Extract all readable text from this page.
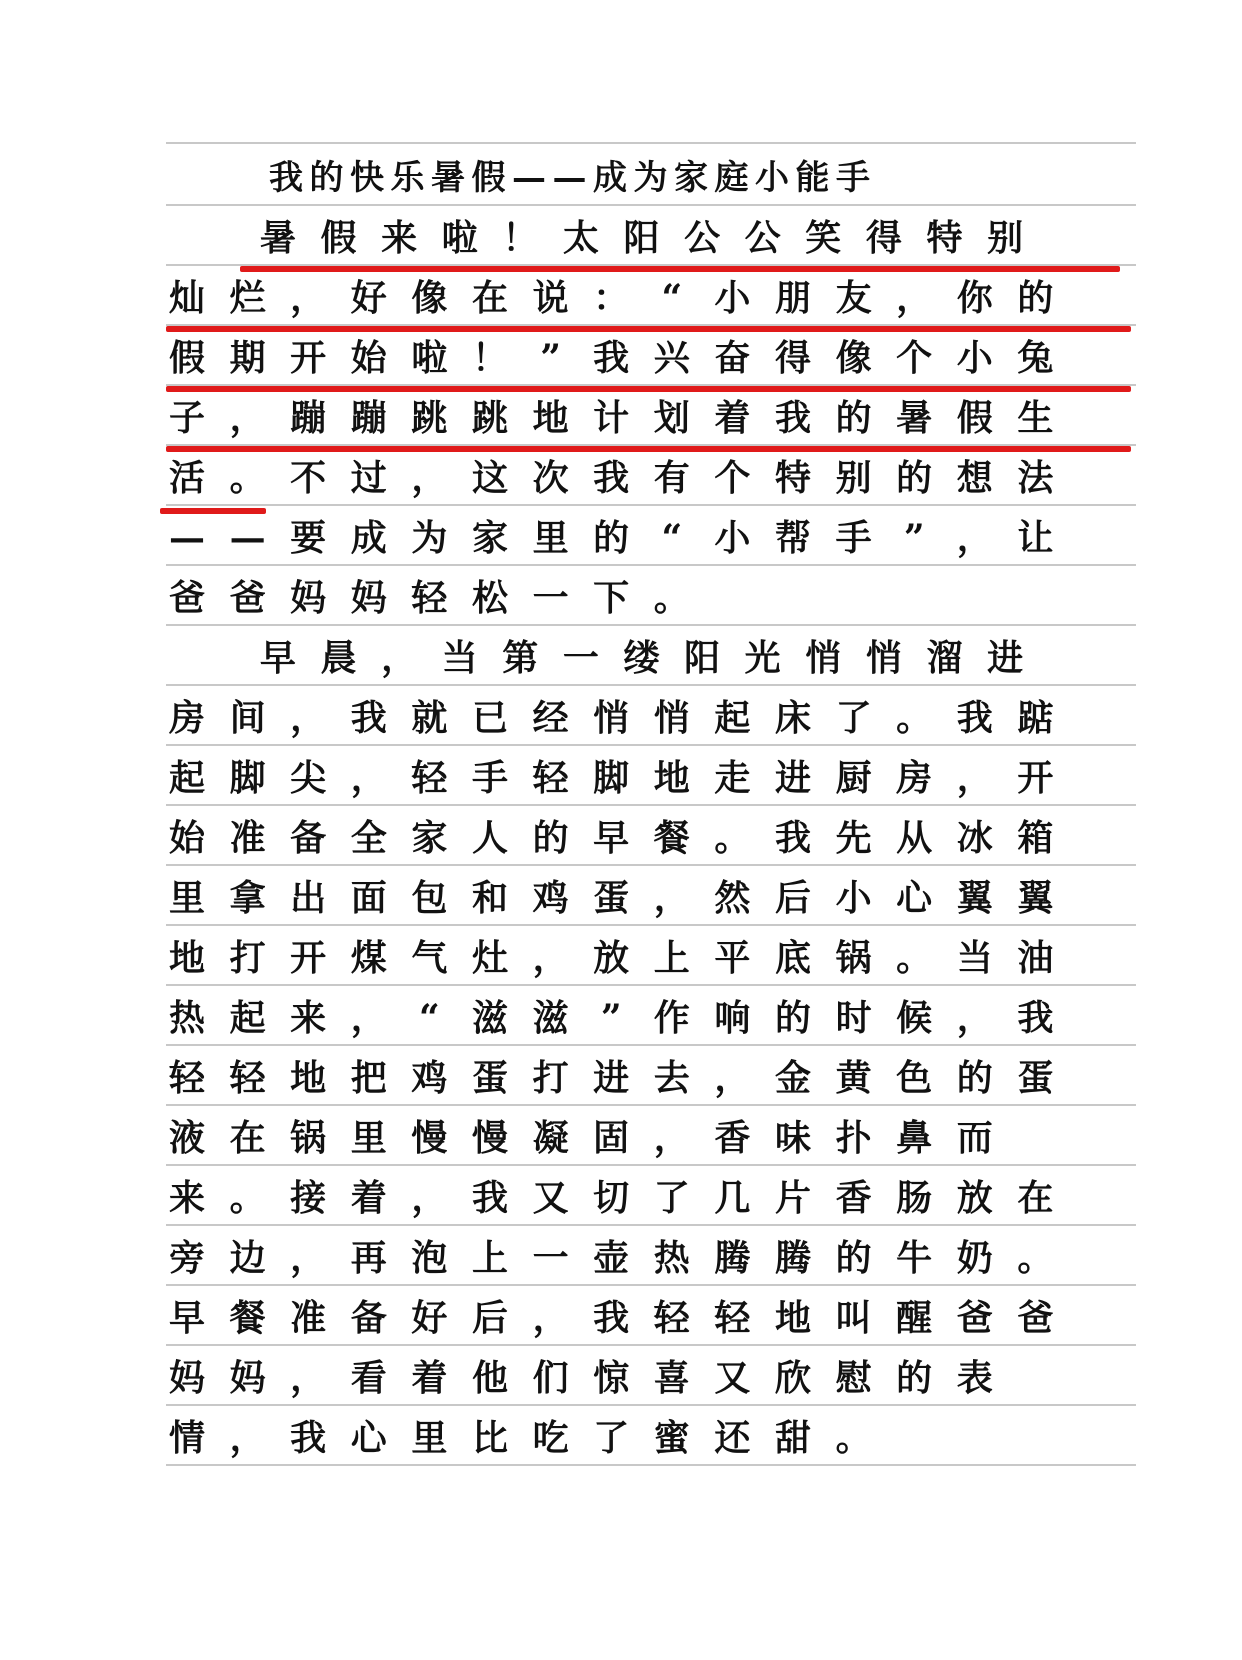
我 的 快 乐 暑 假 — — 成 为 家 庭 小 能 手
暑 假 来 啦 ！ 太 阳 公 公 笑 得 特 别
灿 烂 ， 好 像 在 说 ： “ 小 朋 友 ， 你 的
假 期 开 始 啦 ！ ” 我 兴 奋 得 像 个 小 兔
子 ， 蹦 蹦 跳 跳 地 计 划 着 我 的 暑 假 生
活 。 不 过 ， 这 次 我 有 个 特 别 的 想 法
— — 要 成 为 家 里 的 “ 小 帮 手 ” ， 让
爸 爸 妈 妈 轻 松 一 下 。
早 晨 ， 当 第 一 缕 阳 光 悄 悄 溜 进
房 间 ， 我 就 已 经 悄 悄 起 床 了 。 我 踮
起 脚 尖 ， 轻 手 轻 脚 地 走 进 厨 房 ， 开
始 准 备 全 家 人 的 早 餐 。 我 先 从 冰 箱
里 拿 出 面 包 和 鸡 蛋 ， 然 后 小 心 翼 翼
地 打 开 煤 气 灶 ， 放 上 平 底 锅 。 当 油
热 起 来 ， “ 滋 滋 ” 作 响 的 时 候 ， 我
轻 轻 地 把 鸡 蛋 打 进 去 ， 金 黄 色 的 蛋
液 在 锅 里 慢 慢 凝 固 ， 香 味 扑 鼻 而
来 。 接 着 ， 我 又 切 了 几 片 香 肠 放 在
旁 边 ， 再 泡 上 一 壶 热 腾 腾 的 牛 奶 。
早 餐 准 备 好 后 ， 我 轻 轻 地 叫 醒 爸 爸
妈 妈 ， 看 着 他 们 惊 喜 又 欣 慰 的 表
情 ， 我 心 里 比 吃 了 蜜 还 甜 。
